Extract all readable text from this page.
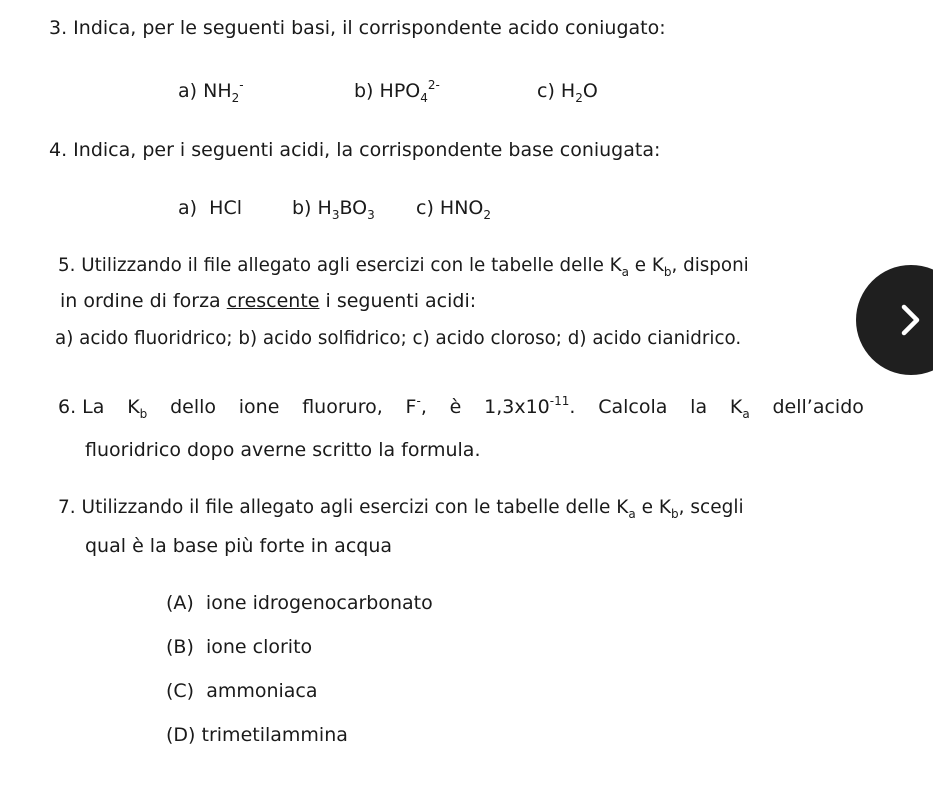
3. Indica, per le seguenti basi, il corrispondente acido coniugato:
a) $NH_2^-$	b) $HPO_4^{2-}$	c) $H_2O$
4. Indica, per i seguenti acidi, la corrispondente base coniugata:
a) HCl	b) $H_3BO_3$ c) $HNO_2$
5. Utilizzando il file allegato agli esercizi con le tabelle delle $K_a$ e $K_b$, disponi
in ordine di forza crescente i seguenti acidi:
a) acido fluoridrico; b) acido solfidrico; c) acido cloroso; d) acido cianidrico.
6. La $K_b$ dello ione fluoruro, F-, è $1,3x10^{-11}$. Calcola la $K_a$ dell’acido
fluoridrico dopo averne scritto la formula.
7. Utilizzando il file allegato agli esercizi con le tabelle delle $K_a$ e $K_b$, scegli
qual è la base più forte in acqua
(A) ione idrogenocarbonato
(B) ione clorito
(C) ammoniaca
(D) trimetilammina
